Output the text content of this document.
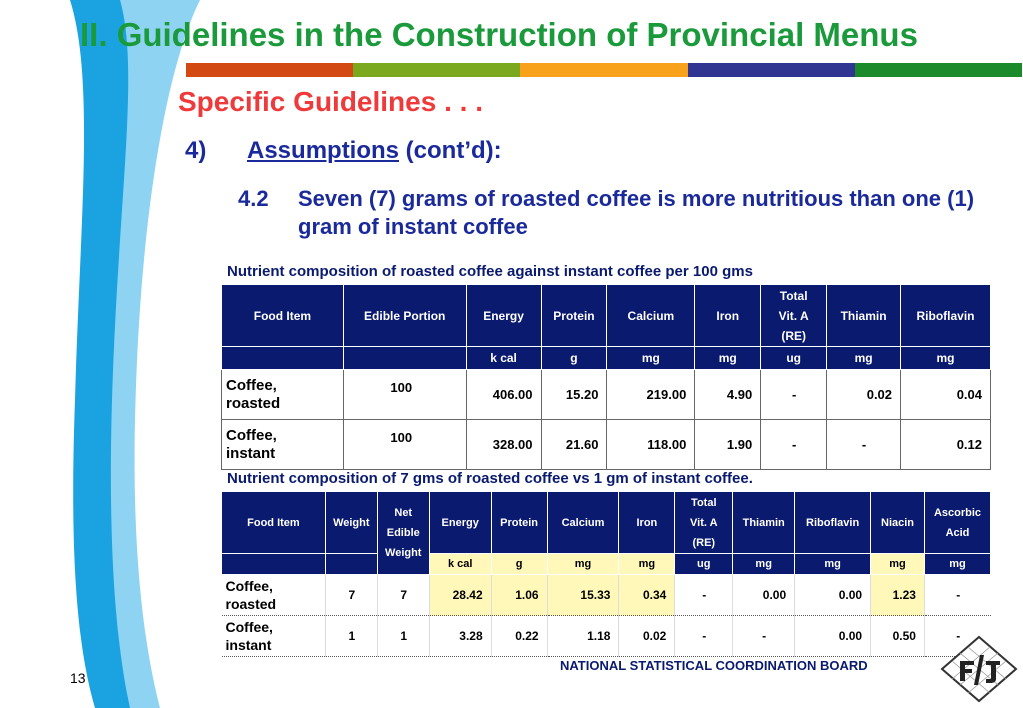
II. Guidelines in the Construction of Provincial Menus
Specific Guidelines . . .
4) Assumptions (cont’d):
4.2 Seven (7) grams of roasted coffee is more nutritious than one (1) gram of instant coffee
Nutrient composition of roasted coffee against instant coffee per 100 gms
Food Item	Edible Portion	Energy	Protein	Calcium	Iron	Total
Vit. A
(RE)	Thiamin	Riboflavin
		k cal	g	mg	mg	ug	mg	mg
Coffee,
roasted	100	406.00	15.20	219.00	4.90	-	0.02	0.04
Coffee,
instant	100	328.00	21.60	118.00	1.90	-	-	0.12
Nutrient composition of 7 gms of roasted coffee vs 1 gm of instant coffee.
Food Item	Weight	Net
Edible
Weight	Energy	Protein	Calcium	Iron	Total
Vit. A
(RE)	Thiamin	Riboflavin	Niacin	Ascorbic
Acid
			k cal	g	mg	mg	ug	mg	mg	mg	mg
Coffee,
roasted	7	7	28.42	1.06	15.33	0.34	-	0.00	0.00	1.23	-
Coffee,
instant	1	1	3.28	0.22	1.18	0.02	-	-	0.00	0.50	-
13
NATIONAL STATISTICAL COORDINATION BOARD
